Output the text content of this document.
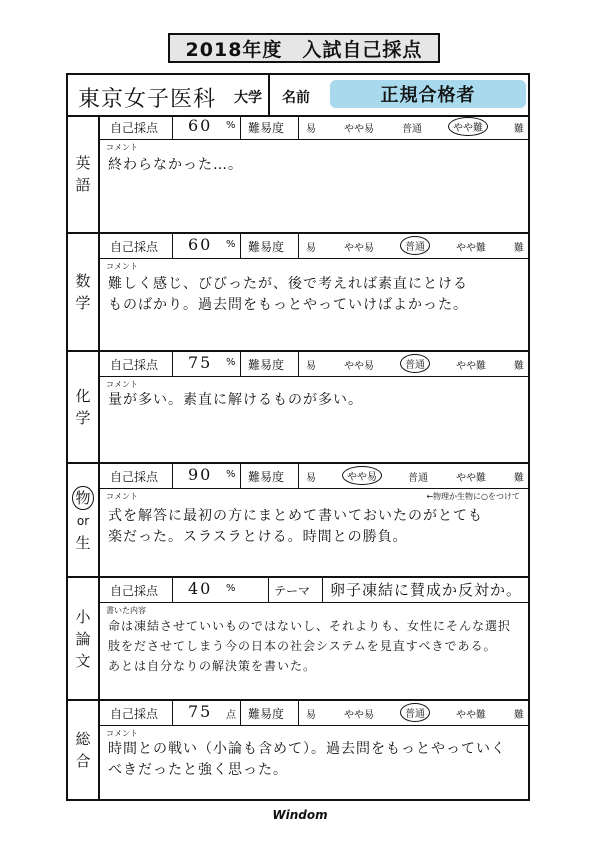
2018年度　入試自己採点
東京女子医科 大学 名前	正規合格者
英
語
自己採点 60 % 難易度 易	やや易	普通	やや難	難
コメント
終わらなかった…。
数
学
自己採点 60 % 難易度 易	やや易	普通	やや難	難
コメント
難しく感じ、びびったが、後で考えれば素直にとける
ものばかり。過去問をもっとやっていけばよかった。
化
学
自己採点 75 % 難易度 易	やや易	普通	やや難	難
コメント
量が多い。素直に解けるものが多い。
物
or
生
自己採点 90 % 難易度 易	やや易	普通	やや難	難
コメント	←物理か生物に○をつけて
式を解答に最初の方にまとめて書いておいたのがとても
楽だった。スラスラとける。時間との勝負。
小
論
文
自己採点 40 %	テーマ 卵子凍結に賛成か反対か。
書いた内容
命は凍結させていいものではないし、それよりも、女性にそんな選択
肢をださせてしまう今の日本の社会システムを見直すべきである。
あとは自分なりの解決策を書いた。
総
合
自己採点 75 点 難易度 易	やや易	普通	やや難	難
コメント
時間との戦い（小論も含めて）。過去問をもっとやっていく
べきだったと強く思った。
Windom
